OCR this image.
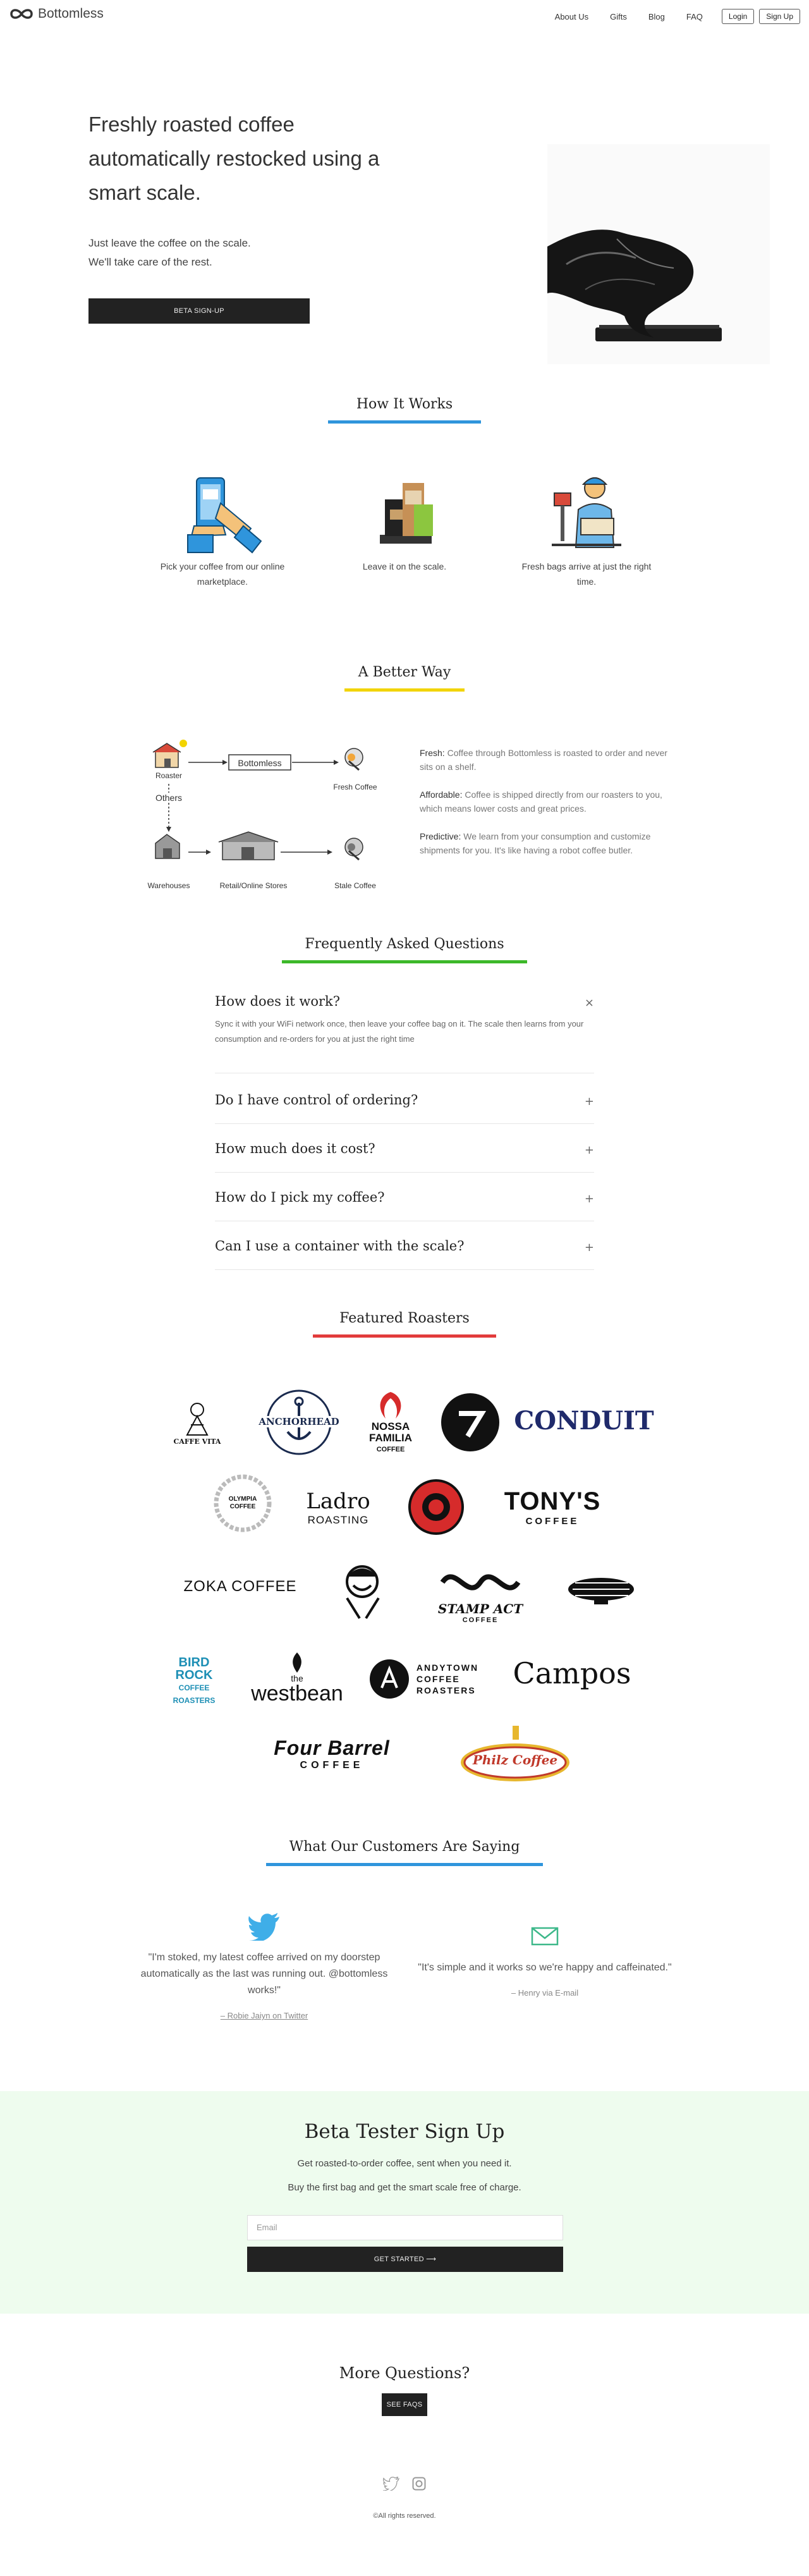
Bottomless	About Us	Gifts	Blog	FAQ	Login	Sign Up
Freshly roasted coffee automatically restocked using a smart scale.
Just leave the coffee on the scale.
We'll take care of the rest.
BETA SIGN-UP
How It Works
Pick your coffee from our online marketplace.
Leave it on the scale.	Fresh bags arrive at just the right time.
A Better Way
Roaster
Bottomless
Fresh Coffee
Others
Warehouses	Retail/Online Stores	Stale Coffee
Fresh: Coffee through Bottomless is roasted to order and never sits on a shelf.
Affordable: Coffee is shipped directly from our roasters to you, which means lower costs and great prices.
Predictive: We learn from your consumption and customize shipments for you. It's like having a robot coffee butler.
Frequently Asked Questions
How does it work?	×
Sync it with your WiFi network once, then leave your coffee bag on it. The scale then learns from your consumption and re-orders for you at just the right time
Do I have control of ordering?	+
How much does it cost?	+
How do I pick my coffee?	+
Can I use a container with the scale?	+
Featured Roasters
CAFFE VITA
ANCHORHEAD	NOSSA
FAMILIA
COFFEE
CONDUIT
OLYMPIA COFFEE Ladro
ROASTING
TONY'S
COFFEE
ZOKA COFFEE
STAMP ACT
COFFEE
BIRD ROCK
COFFEE ROASTERS
the
westbean
ANDYTOWN
COFFEE
ROASTERS	Campos
Four Barrel
COFFEE	Philz Coffee
What Our Customers Are Saying
"I'm stoked, my latest coffee arrived on my doorstep automatically as the last was running out. @bottomless works!"
– Robie Jaiyn on Twitter
"It's simple and it works so we're happy and caffeinated."
– Henry via E-mail
Beta Tester Sign Up
Get roasted-to-order coffee, sent when you need it.
Buy the first bag and get the smart scale free of charge.
Email
GET STARTED ⟶
More Questions?
SEE FAQS
©All rights reserved.
